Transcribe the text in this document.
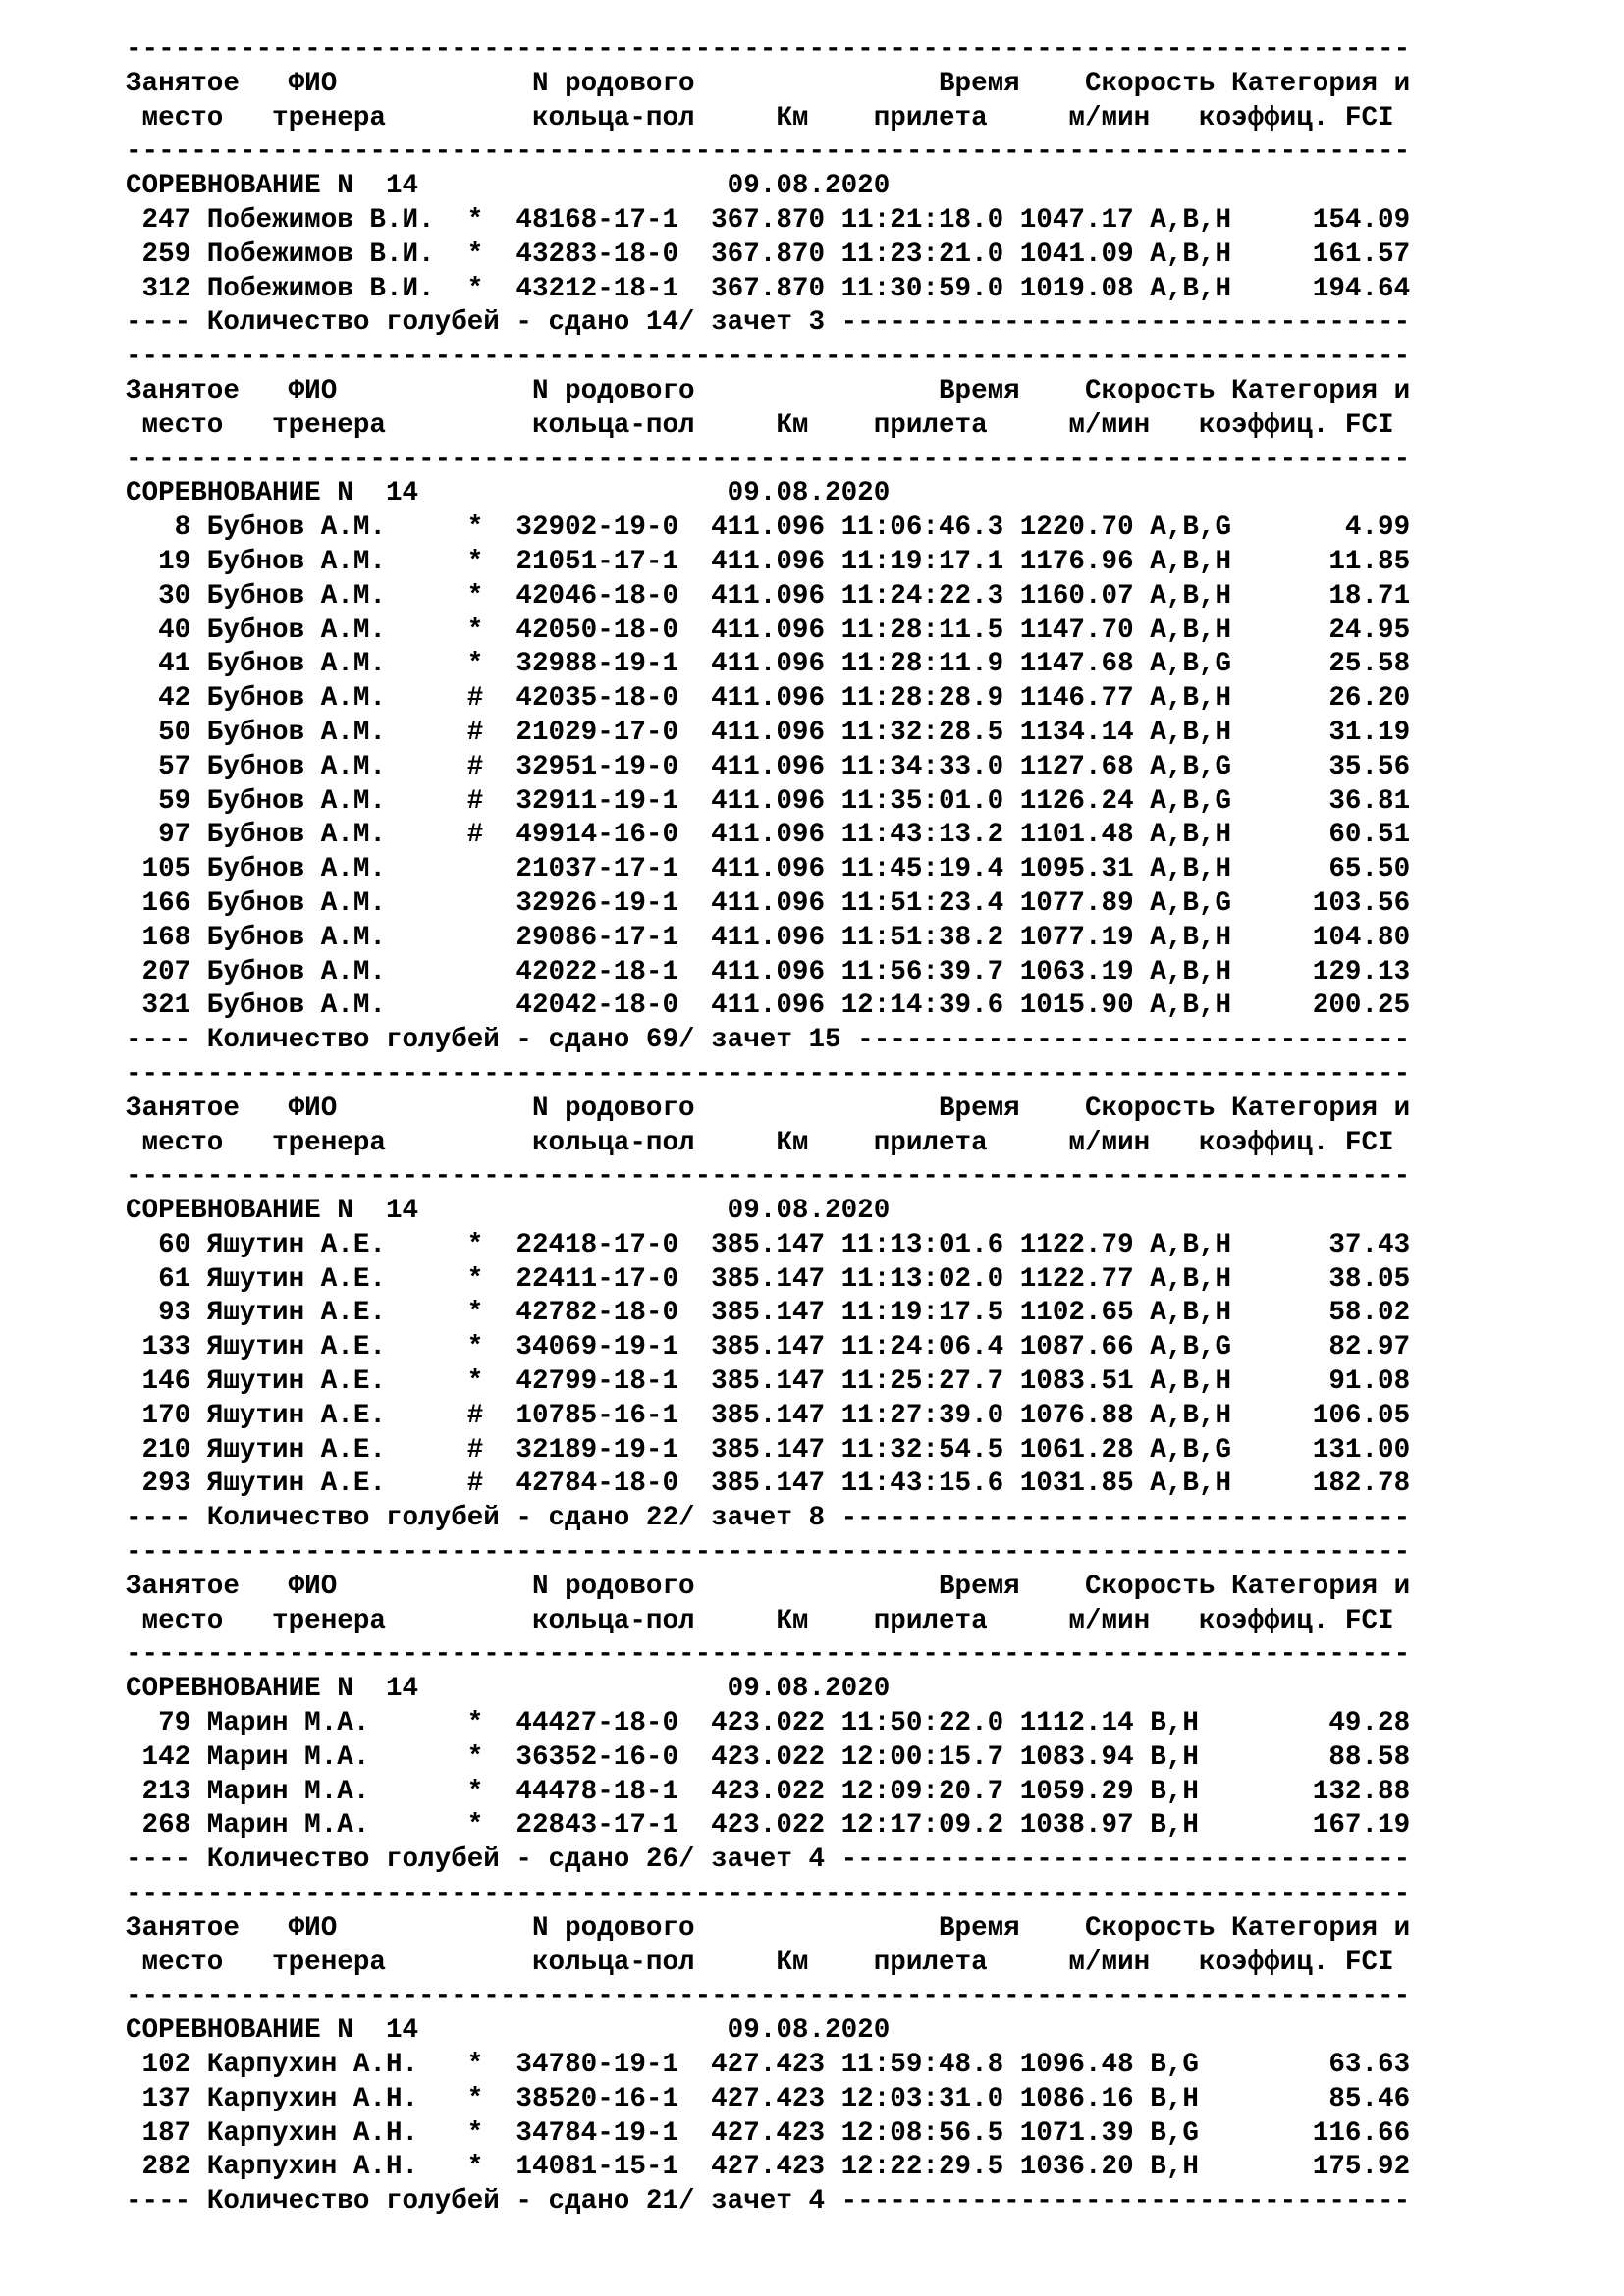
-------------------------------------------------------------------------------
Занятое   ФИО            N родового               Время    Скорость Категория и
место   тренера         кольца-пол     Км    прилета     м/мин   коэффиц. FCI
-------------------------------------------------------------------------------
СОРЕВНОВАНИЕ N  14                   09.08.2020
247 Побежимов В.И.  *  48168-17-1  367.870 11:21:18.0 1047.17 A,B,H     154.09
259 Побежимов В.И.  *  43283-18-0  367.870 11:23:21.0 1041.09 A,B,H     161.57
312 Побежимов В.И.  *  43212-18-1  367.870 11:30:59.0 1019.08 A,B,H     194.64
---- Количество голубей - сдано 14/ зачет 3 -----------------------------------
-------------------------------------------------------------------------------
Занятое   ФИО            N родового               Время    Скорость Категория и
место   тренера         кольца-пол     Км    прилета     м/мин   коэффиц. FCI
-------------------------------------------------------------------------------
СОРЕВНОВАНИЕ N  14                   09.08.2020
8 Бубнов А.М.     *  32902-19-0  411.096 11:06:46.3 1220.70 A,B,G       4.99
19 Бубнов А.М.     *  21051-17-1  411.096 11:19:17.1 1176.96 A,B,H      11.85
30 Бубнов А.М.     *  42046-18-0  411.096 11:24:22.3 1160.07 A,B,H      18.71
40 Бубнов А.М.     *  42050-18-0  411.096 11:28:11.5 1147.70 A,B,H      24.95
41 Бубнов А.М.     *  32988-19-1  411.096 11:28:11.9 1147.68 A,B,G      25.58
42 Бубнов А.М.     #  42035-18-0  411.096 11:28:28.9 1146.77 A,B,H      26.20
50 Бубнов А.М.     #  21029-17-0  411.096 11:32:28.5 1134.14 A,B,H      31.19
57 Бубнов А.М.     #  32951-19-0  411.096 11:34:33.0 1127.68 A,B,G      35.56
59 Бубнов А.М.     #  32911-19-1  411.096 11:35:01.0 1126.24 A,B,G      36.81
97 Бубнов А.М.     #  49914-16-0  411.096 11:43:13.2 1101.48 A,B,H      60.51
105 Бубнов А.М.        21037-17-1  411.096 11:45:19.4 1095.31 A,B,H      65.50
166 Бубнов А.М.        32926-19-1  411.096 11:51:23.4 1077.89 A,B,G     103.56
168 Бубнов А.М.        29086-17-1  411.096 11:51:38.2 1077.19 A,B,H     104.80
207 Бубнов А.М.        42022-18-1  411.096 11:56:39.7 1063.19 A,B,H     129.13
321 Бубнов А.М.        42042-18-0  411.096 12:14:39.6 1015.90 A,B,H     200.25
---- Количество голубей - сдано 69/ зачет 15 ----------------------------------
-------------------------------------------------------------------------------
Занятое   ФИО            N родового               Время    Скорость Категория и
место   тренера         кольца-пол     Км    прилета     м/мин   коэффиц. FCI
-------------------------------------------------------------------------------
СОРЕВНОВАНИЕ N  14                   09.08.2020
60 Яшутин А.Е.     *  22418-17-0  385.147 11:13:01.6 1122.79 A,B,H      37.43
61 Яшутин А.Е.     *  22411-17-0  385.147 11:13:02.0 1122.77 A,B,H      38.05
93 Яшутин А.Е.     *  42782-18-0  385.147 11:19:17.5 1102.65 A,B,H      58.02
133 Яшутин А.Е.     *  34069-19-1  385.147 11:24:06.4 1087.66 A,B,G      82.97
146 Яшутин А.Е.     *  42799-18-1  385.147 11:25:27.7 1083.51 A,B,H      91.08
170 Яшутин А.Е.     #  10785-16-1  385.147 11:27:39.0 1076.88 A,B,H     106.05
210 Яшутин А.Е.     #  32189-19-1  385.147 11:32:54.5 1061.28 A,B,G     131.00
293 Яшутин А.Е.     #  42784-18-0  385.147 11:43:15.6 1031.85 A,B,H     182.78
---- Количество голубей - сдано 22/ зачет 8 -----------------------------------
-------------------------------------------------------------------------------
Занятое   ФИО            N родового               Время    Скорость Категория и
место   тренера         кольца-пол     Км    прилета     м/мин   коэффиц. FCI
-------------------------------------------------------------------------------
СОРЕВНОВАНИЕ N  14                   09.08.2020
79 Марин М.А.      *  44427-18-0  423.022 11:50:22.0 1112.14 B,H        49.28
142 Марин М.А.      *  36352-16-0  423.022 12:00:15.7 1083.94 B,H        88.58
213 Марин М.А.      *  44478-18-1  423.022 12:09:20.7 1059.29 B,H       132.88
268 Марин М.А.      *  22843-17-1  423.022 12:17:09.2 1038.97 B,H       167.19
---- Количество голубей - сдано 26/ зачет 4 -----------------------------------
-------------------------------------------------------------------------------
Занятое   ФИО            N родового               Время    Скорость Категория и
место   тренера         кольца-пол     Км    прилета     м/мин   коэффиц. FCI
-------------------------------------------------------------------------------
СОРЕВНОВАНИЕ N  14                   09.08.2020
102 Карпухин А.Н.   *  34780-19-1  427.423 11:59:48.8 1096.48 B,G        63.63
137 Карпухин А.Н.   *  38520-16-1  427.423 12:03:31.0 1086.16 B,H        85.46
187 Карпухин А.Н.   *  34784-19-1  427.423 12:08:56.5 1071.39 B,G       116.66
282 Карпухин А.Н.   *  14081-15-1  427.423 12:22:29.5 1036.20 B,H       175.92
---- Количество голубей - сдано 21/ зачет 4 -----------------------------------
